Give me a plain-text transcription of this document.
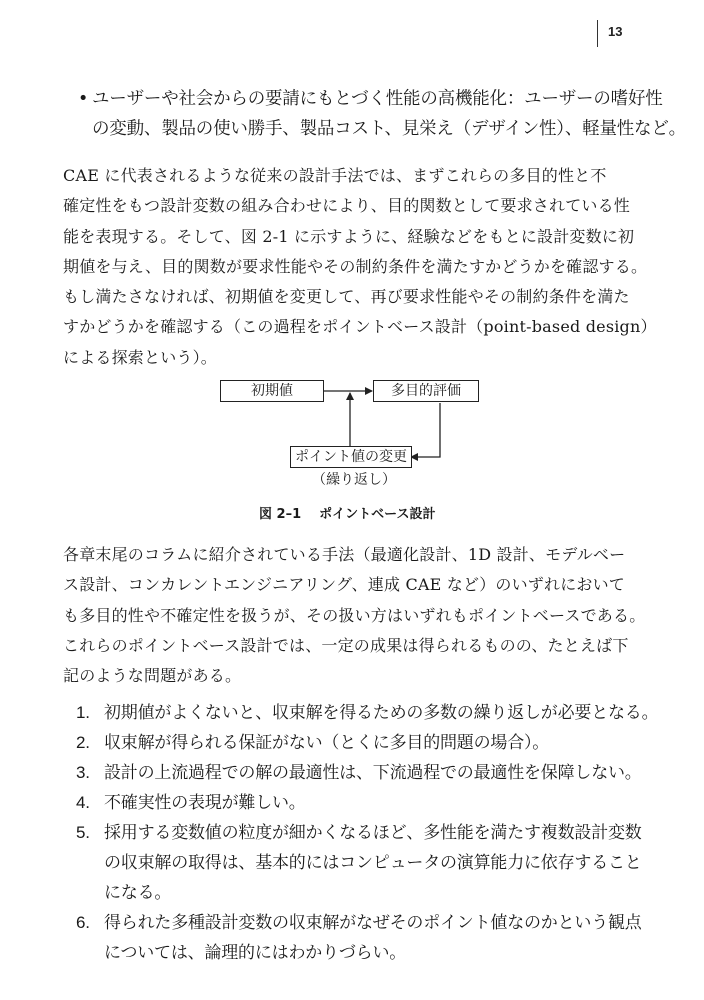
13
• ユーザーや社会からの要請にもとづく性能の高機能化：ユーザーの嗜好性
の変動、製品の使い勝手、製品コスト、見栄え（デザイン性）、軽量性など。
CAE に代表されるような従来の設計手法では、まずこれらの多目的性と不
確定性をもつ設計変数の組み合わせにより、目的関数として要求されている性
能を表現する。そして、図 2-1 に示すように、経験などをもとに設計変数に初
期値を与え、目的関数が要求性能やその制約条件を満たすかどうかを確認する。
もし満たさなければ、初期値を変更して、再び要求性能やその制約条件を満た
すかどうかを確認する（この過程をポイントベース設計（point-based design）
による探索という）。
初期値	多目的評価
ポイント値の変更
（繰り返し）
図 2–1 ポイントベース設計
各章末尾のコラムに紹介されている手法（最適化設計、1D 設計、モデルベー
ス設計、コンカレントエンジニアリング、連成 CAE など）のいずれにおいて
も多目的性や不確定性を扱うが、その扱い方はいずれもポイントベースである。
これらのポイントベース設計では、一定の成果は得られるものの、たとえば下
記のような問題がある。
1. 初期値がよくないと、収束解を得るための多数の繰り返しが必要となる。
2. 収束解が得られる保証がない（とくに多目的問題の場合）。
3. 設計の上流過程での解の最適性は、下流過程での最適性を保障しない。
4. 不確実性の表現が難しい。
5. 採用する変数値の粒度が細かくなるほど、多性能を満たす複数設計変数
の収束解の取得は、基本的にはコンピュータの演算能力に依存すること
になる。
6. 得られた多種設計変数の収束解がなぜそのポイント値なのかという観点
については、論理的にはわかりづらい。
